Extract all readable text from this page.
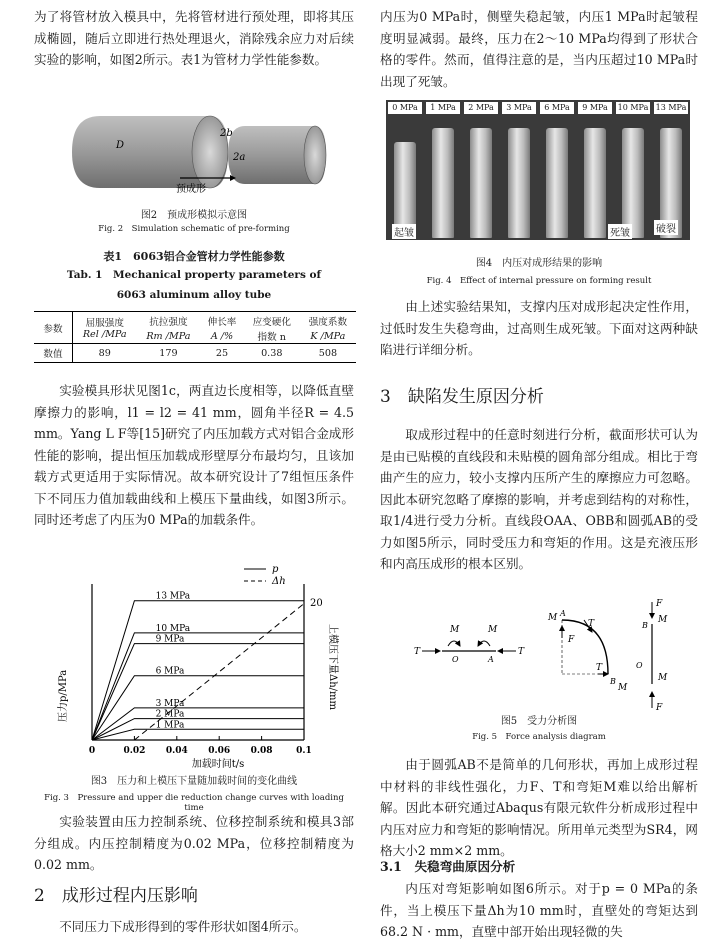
为了将管材放入模具中，先将管材进行预处理，即将其压成椭圆，随后立即进行热处理退火，消除残余应力对后续实验的影响，如图2所示。表1为管材力学性能参数。
D
2b
2a
预成形
图2　预成形模拟示意图
Fig. 2　Simulation schematic of pre-forming
表1　6063铝合金管材力学性能参数
Tab. 1　Mechanical property parameters of
6063 aluminum alloy tube
参数	屈服强度	抗拉强度	伸长率	应变硬化	强度系数
	Rel /MPa	Rm /MPa	A /%	指数 n	K /MPa
数值	89	179	25	0.38	508
实验模具形状见图1c，两直边长度相等，以降低直壁摩擦力的影响，l1 = l2 = 41 mm，圆角半径R = 4.5 mm。Yang L F等[15]研究了内压加载方式对铝合金成形性能的影响，提出恒压加载成形壁厚分布最均匀，且该加载方式更适用于实际情况。故本研究设计了7组恒压条件下不同压力值加载曲线和上模压下量曲线，如图3所示。同时还考虑了内压为0 MPa的加载条件。
0	0.02 0.04 0.06 0.08	0.1
13 MPa
10 MPa
9 MPa
6 MPa
3 MPa
2 MPa
1 MPa
压力p/MPa	上模压下量Δh/mm
加载时间t/s
p
Δh
20
图3　压力和上模压下量随加载时间的变化曲线
Fig. 3　Pressure and upper die reduction change curves with loading time
实验装置由压力控制系统、位移控制系统和模具3部分组成。内压控制精度为0.02 MPa，位移控制精度为0.02 mm。
2　成形过程内压影响
不同压力下成形得到的零件形状如图4所示。
内压为0 MPa时，侧壁失稳起皱，内压1 MPa时起皱程度明显减弱。最终，压力在2～10 MPa均得到了形状合格的零件。然而，值得注意的是，当内压超过10 MPa时出现了死皱。
0 MPa	1 MPa	2 MPa	3 MPa	6 MPa	9 MPa	10 MPa 13 MPa
起皱	死皱	破裂
图4　内压对成形结果的影响
Fig. 4　Effect of internal pressure on forming result
由上述实验结果知，支撑内压对成形起决定性作用，过低时发生失稳弯曲，过高则生成死皱。下面对这两种缺陷进行详细分析。
3　缺陷发生原因分析
取成形过程中的任意时刻进行分析，截面形状可认为是由已贴模的直线段和未贴模的圆角部分组成。相比于弯曲产生的应力，较小支撑内压所产生的摩擦应力可忽略。因此本研究忽略了摩擦的影响，并考虑到结构的对称性，取1/4进行受力分析。直线段OAA、OBB和圆弧AB的受力如图5所示，同时受压力和弯矩的作用。这是充液压形和内高压成形的根本区别。
T	T
M	M
O	A
M A
T
F
T
B
M
F
F
B
M
O
M
图5　受力分析图
Fig. 5　Force analysis diagram
由于圆弧AB不是简单的几何形状，再加上成形过程中材料的非线性强化，力F、T和弯矩M难以给出解析解。因此本研究通过Abaqus有限元软件分析成形过程中内压对应力和弯矩的影响情况。所用单元类型为SR4，网格大小2 mm×2 mm。
3.1　失稳弯曲原因分析
内压对弯矩影响如图6所示。对于p = 0 MPa的条件，当上模压下量Δh为10 mm时，直壁处的弯矩达到68.2 N · mm，直壁中部开始出现轻微的失
